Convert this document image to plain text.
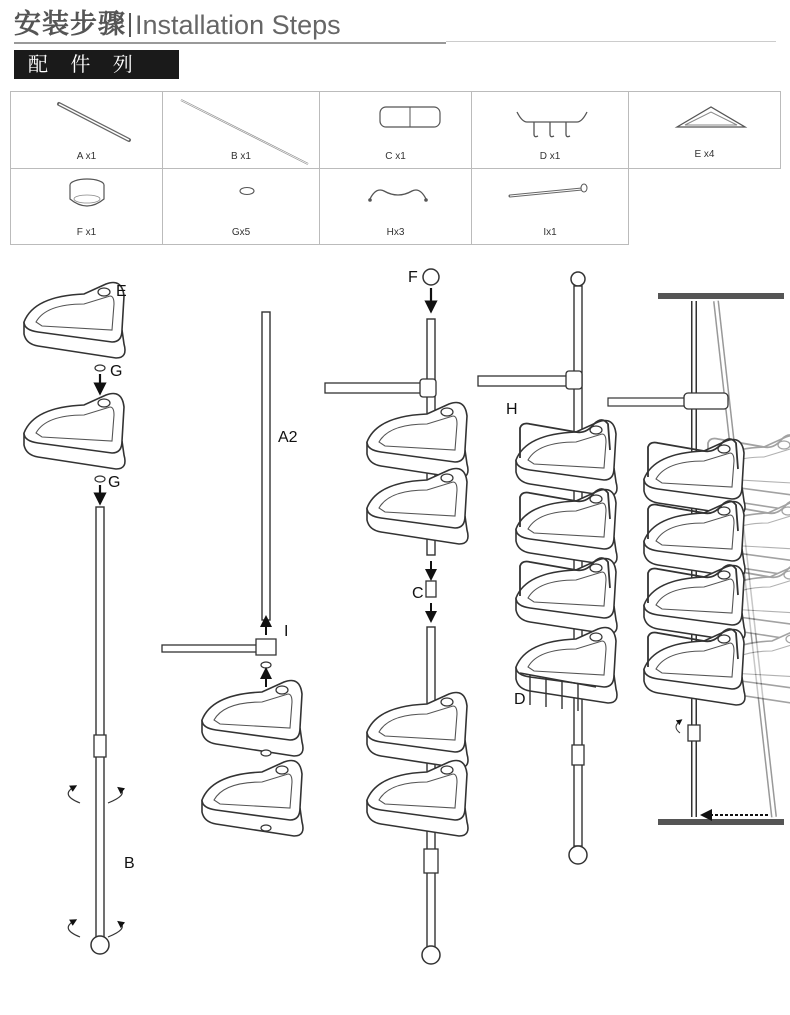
安装步骤 Installation Steps
配 件 列
A x1	B x1	C x1	D x1	E x4
F x1	Gx5	Hx3	Ix1
E
G
G
B
A2
I
F
C
H
D
